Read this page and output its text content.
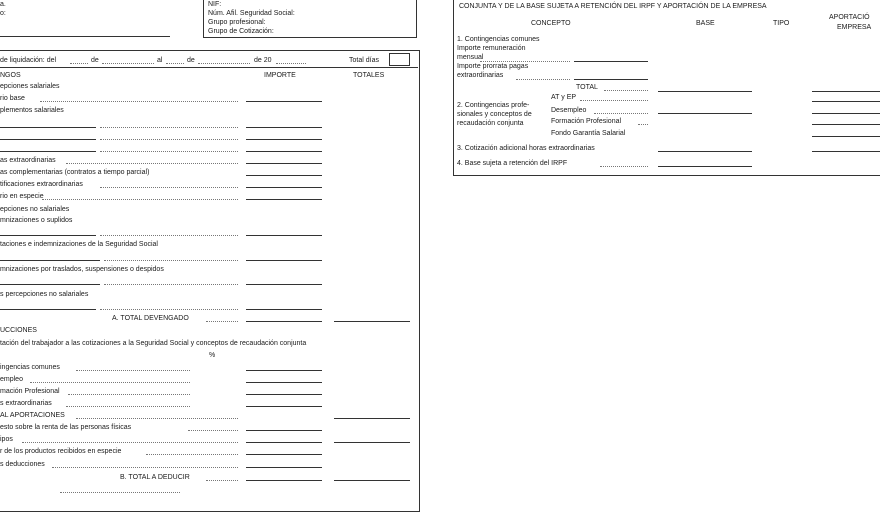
NIF:
Núm. Afil. Seguridad Social:
Grupo profesional:
Grupo de Cotización:
a.
o:
de liquidación: del	de	al	de	de 20	Total días
NGOS	IMPORTE	TOTALES
epciones salariales
rio base
plementos salariales
as extraordinarias
as complementarias (contratos a tiempo parcial)
tificaciones extraordinarias
rio en especie
epciones no salariales
mnizaciones o suplidos
taciones e indemnizaciones de la Seguridad Social
mnizaciones por traslados, suspensiones o despidos
s percepciones no salariales
A. TOTAL DEVENGADO
UCCIONES
tación del trabajador a las cotizaciones a la Seguridad Social y conceptos de recaudación conjunta
%
ingencias comunes
empleo
mación Profesional
s extraordinarias
AL APORTACIONES
esto sobre la renta de las personas físicas
ipos
r de los productos recibidos en especie
s deducciones
B. TOTAL A DEDUCIR
CONJUNTA Y DE LA BASE SUJETA A RETENCIÓN DEL IRPF Y APORTACIÓN DE LA EMPRESA
CONCEPTO	BASE	TIPO
APORTACIÓ
EMPRESA
1. Contingencias comunes
Importe remuneración
mensual
Importe prorrata pagas
extraordinarias
TOTAL
AT y EP
2. Contingencias profe-
sionales y conceptos de
recaudación conjunta
Desempleo
Formación Profesional
Fondo Garantía Salarial
3. Cotización adicional horas extraordinarias
4. Base sujeta a retención del IRPF
